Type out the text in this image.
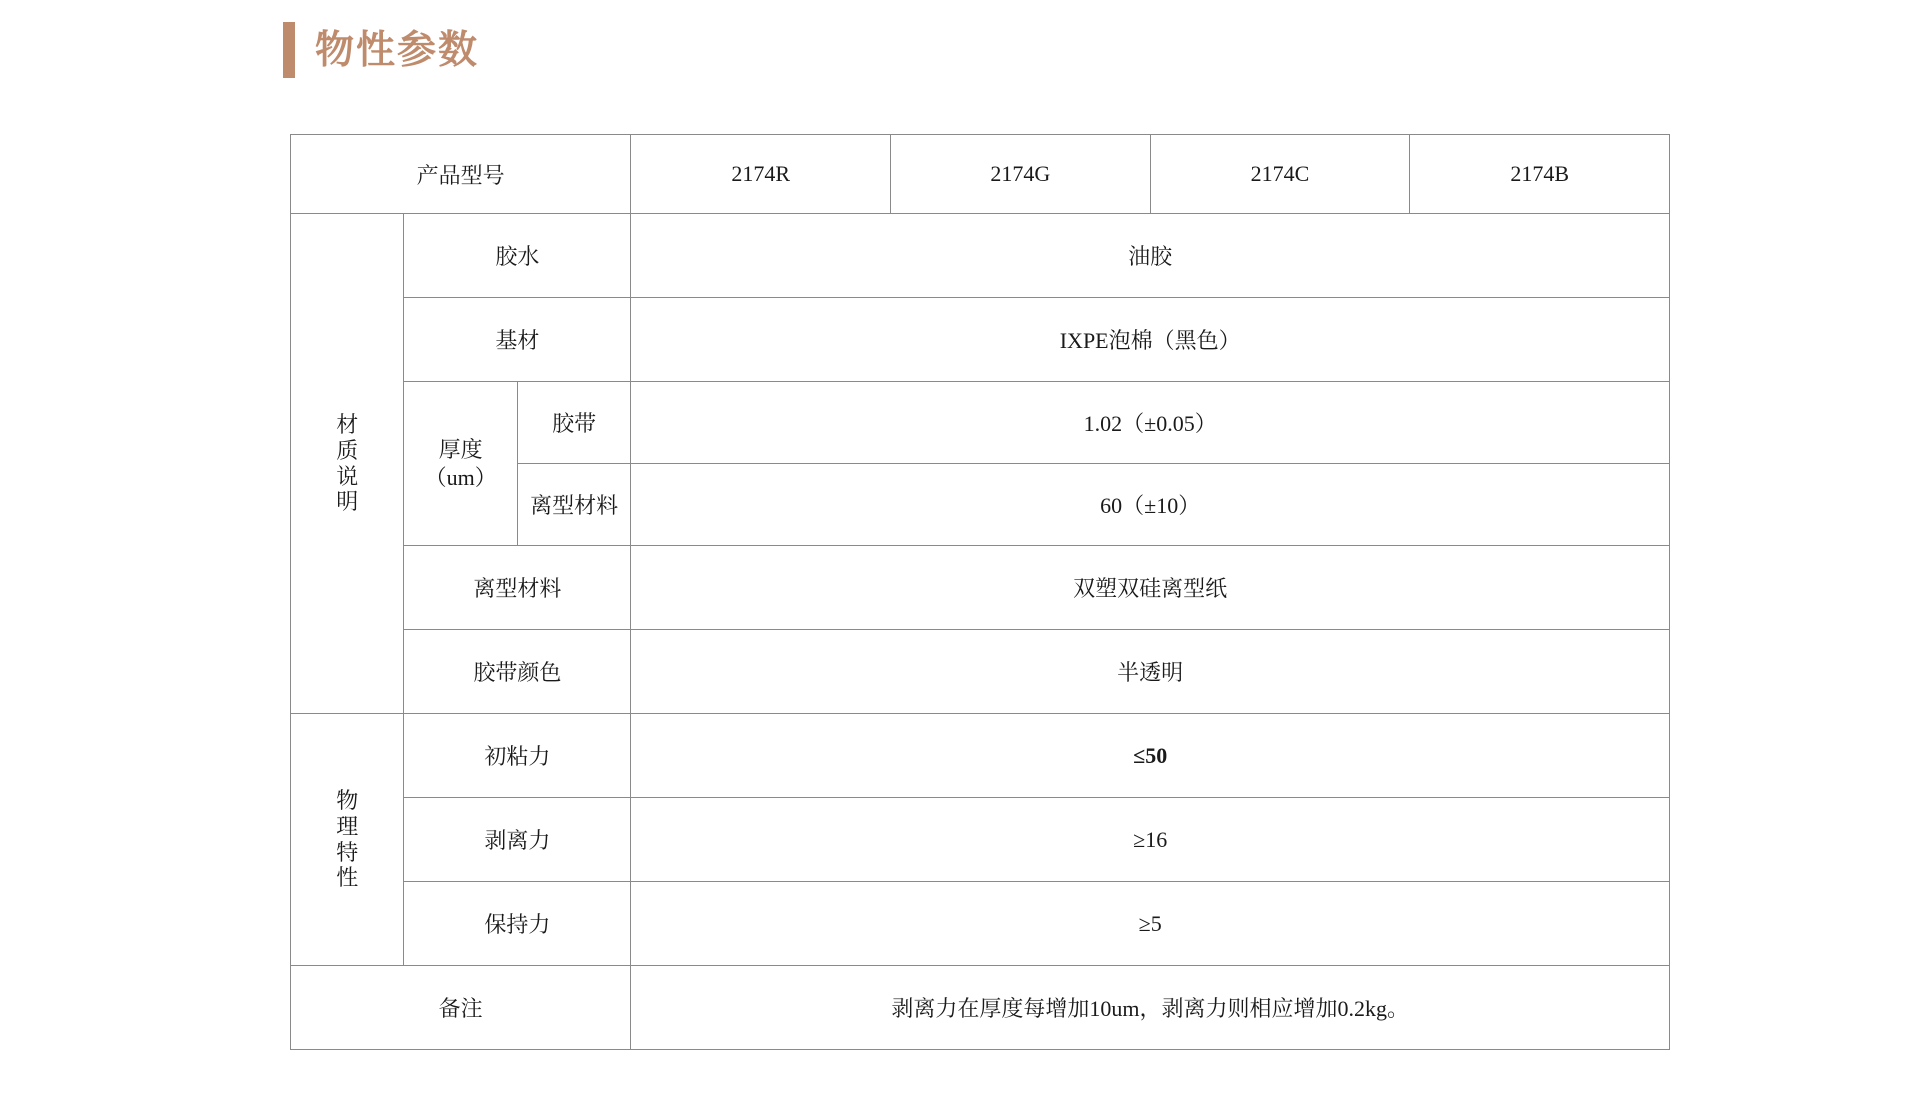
物性参数
产品型号			2174R	2174G	2174C	2174B

材
质
说
明	胶水		油胶			
	基材		IXPE泡棉（黑色）			

	厚度
（um）	胶带	1.02（±0.05）			
		离型材料	60（±10）			
	离型材料		双塑双硅离型纸			
	胶带颜色		半透明			

物
理
特
性	初粘力		≤50			
	剥离力		≥16			
	保持力		≥5			
备注			剥离力在厚度每增加10um，剥离力则相应增加0.2kg。			
